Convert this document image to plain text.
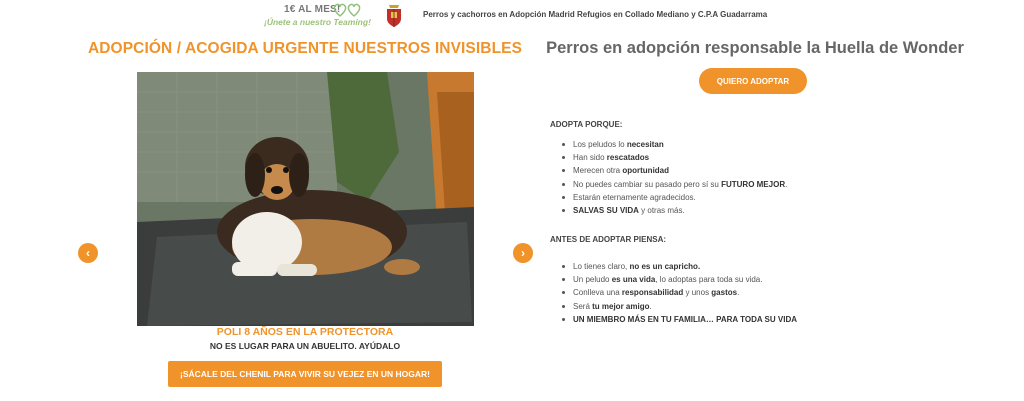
1€ AL MES!
¡Únete a nuestro Teaming!
Perros y cachorros en Adopción Madrid Refugios en Collado Mediano y C.P.A Guadarrama
ADOPCIÓN / ACOGIDA URGENTE NUESTROS INVISIBLES
‹	›
POLI 8 AÑOS EN LA PROTECTORA
NO ES LUGAR PARA UN ABUELITO. AYÚDALO
¡SÁCALE DEL CHENIL PARA VIVIR SU VEJEZ EN UN HOGAR!
Perros en adopción responsable la Huella de Wonder
QUIERO ADOPTAR
ADOPTA PORQUE:
Los peludos lo necesitan
Han sido rescatados
Merecen otra oportunidad
No puedes cambiar su pasado pero sí su FUTURO MEJOR.
Estarán eternamente agradecidos.
SALVAS SU VIDA y otras más.
ANTES DE ADOPTAR PIENSA:
Lo tienes claro, no es un capricho.
Un peludo es una vida, lo adoptas para toda su vida.
Conlleva una responsabilidad y unos gastos.
Será tu mejor amigo.
UN MIEMBRO MÁS EN TU FAMILIA… PARA TODA SU VIDA
